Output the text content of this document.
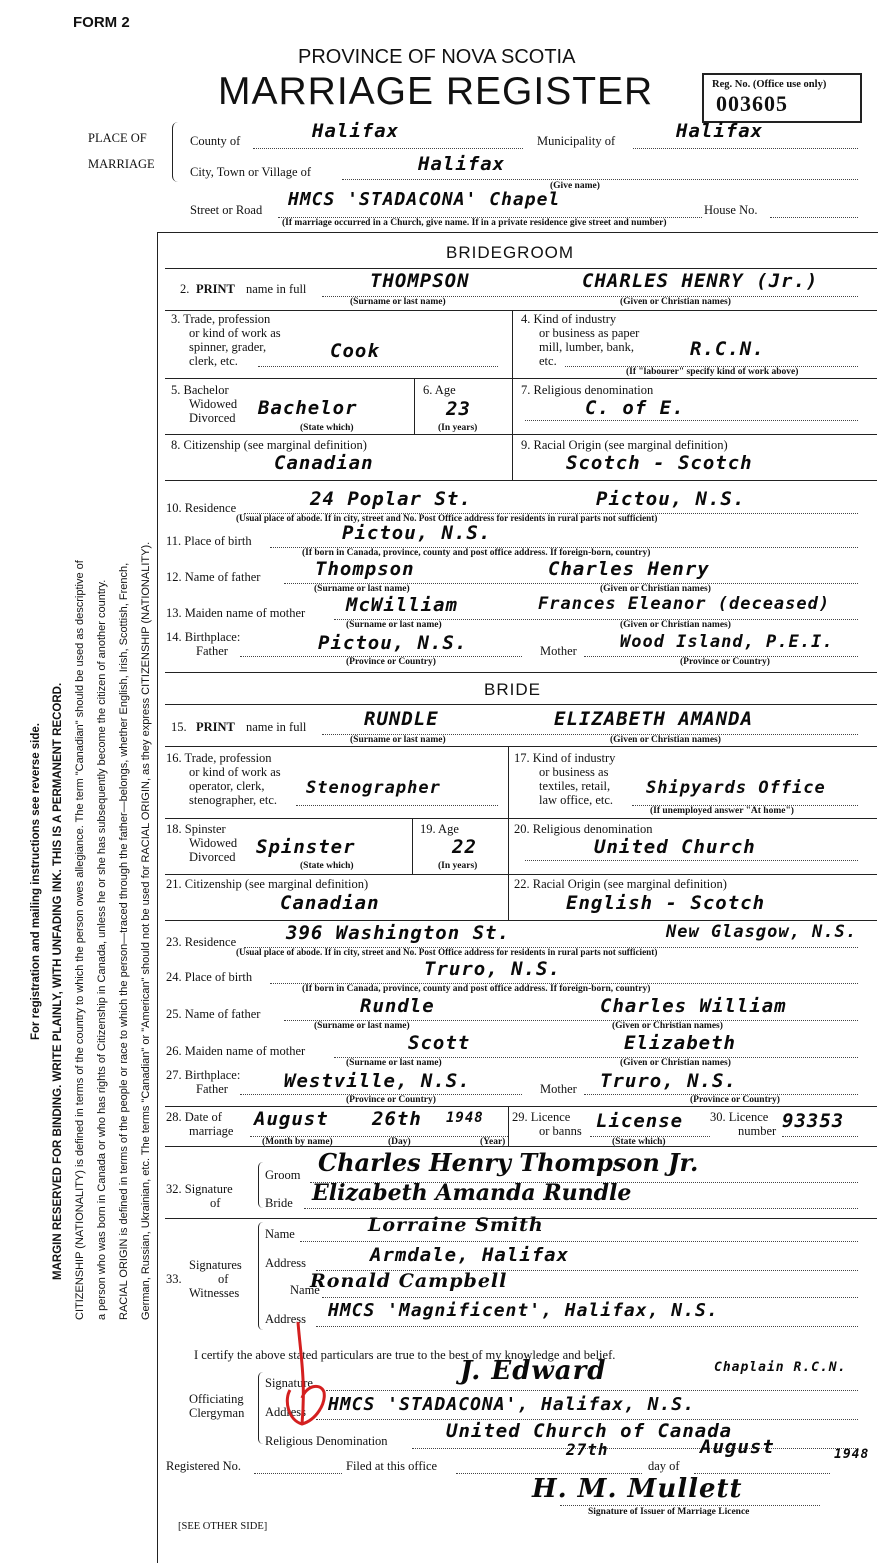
FORM 2
PROVINCE OF NOVA SCOTIA
MARRIAGE REGISTER	Reg. No. (Office use only)
003605
For registration and mailing instructions see reverse side. MARGIN RESERVED FOR BINDING. WRITE PLAINLY, WITH UNFADING INK. THIS IS A PERMANENT RECORD. CITIZENSHIP (NATIONALITY) is defined in terms of the country to which the person owes allegiance. The term "Canadian" should be used as descriptive of a person who was born in Canada or who has rights of Citizenship in Canada, unless he or she has subsequently become the citizen of another country. RACIAL ORIGIN is defined in terms of the people or race to which the person—traced through the father—belongs, whether English, Irish, Scottish, French, German, Russian, Ukrainian, etc. The terms "Canadian" or "American" should not be used for RACIAL ORIGIN, as they express CITIZENSHIP (NATIONALITY).
PLACE OF
MARRIAGE
County of	Halifax	Municipality of	Halifax
City, Town or Village of	Halifax
(Give name)
Street or Road HMCS 'STADACONA' Chapel	House No.
(If marriage occurred in a Church, give name. If in a private residence give street and number)
BRIDEGROOM
2. PRINT name in full	THOMPSON	CHARLES HENRY (Jr.)
(Surname or last name)	(Given or Christian names)
3. Trade, profession
or kind of work as
spinner, grader,
clerk, etc.	Cook
4. Kind of industry
or business as paper
mill, lumber, bank,
etc.
R.C.N.
(If "labourer" specify kind of work above)
5. Bachelor
Widowed
Divorced Bachelor
(State which)
6. Age
23
(In years)
7. Religious denomination
C. of E.
8. Citizenship (see marginal definition)
Canadian
9. Racial Origin (see marginal definition)
Scotch - Scotch
10. Residence	24 Poplar St.	Pictou, N.S.
(Usual place of abode. If in city, street and No. Post Office address for residents in rural parts not sufficient)
11. Place of birth	Pictou, N.S.
(If born in Canada, province, county and post office address. If foreign-born, country)
12. Name of father	Thompson	Charles Henry
(Surname or last name)	(Given or Christian names)
13. Maiden name of mother McWilliam	Frances Eleanor (deceased)
(Surname or last name)	(Given or Christian names)
14. Birthplace:
Father	Pictou, N.S.	Mother	Wood Island, P.E.I.
(Province or Country)	(Province or Country)
BRIDE
15. PRINT name in full	RUNDLE	ELIZABETH AMANDA
(Surname or last name)	(Given or Christian names)
16. Trade, profession
or kind of work as
operator, clerk,
stenographer, etc.
Stenographer
17. Kind of industry
or business as
textiles, retail,
law office, etc.
Shipyards Office
(If unemployed answer "At home")
18. Spinster
Widowed
Divorced Spinster
(State which)
19. Age
22
(In years)
20. Religious denomination
United Church
21. Citizenship (see marginal definition)
Canadian
22. Racial Origin (see marginal definition)
English - Scotch
23. Residence	396 Washington St.	New Glasgow, N.S.
(Usual place of abode. If in city, street and No. Post Office address for residents in rural parts not sufficient)
24. Place of birth	Truro, N.S.
(If born in Canada, province, county and post office address. If foreign-born, country)
25. Name of father	Rundle	Charles William
(Surname or last name)	(Given or Christian names)
26. Maiden name of mother	Scott	Elizabeth
(Surname or last name)	(Given or Christian names)
27. Birthplace:
Father	Westville, N.S.	Mother Truro, N.S.
(Province or Country)	(Province or Country)
28. Date of
marriage
August 26th 1948
(Month by name)	(Day)	(Year)
29. Licence
or banns License
(State which)
30. Licence
number 93353
32. Signature
of
Groom Charles Henry Thompson Jr.
Bride Elizabeth Amanda Rundle
33.
Signatures
of
Witnesses
Name	Lorraine Smith
Address	Armdale, Halifax
Name
Ronald Campbell
Address HMCS 'Magnificent', Halifax, N.S.
I certify the above stated particulars are true to the best of my knowledge and belief.
Officiating
Clergyman
Signature	J. Edward	Chaplain R.C.N.
Address HMCS 'STADACONA', Halifax, N.S.
Religious Denomination	United Church of Canada
Registered No.	Filed at this office
27th
day of
August	1948
H. M. Mullett
Signature of Issuer of Marriage Licence
[SEE OTHER SIDE]
